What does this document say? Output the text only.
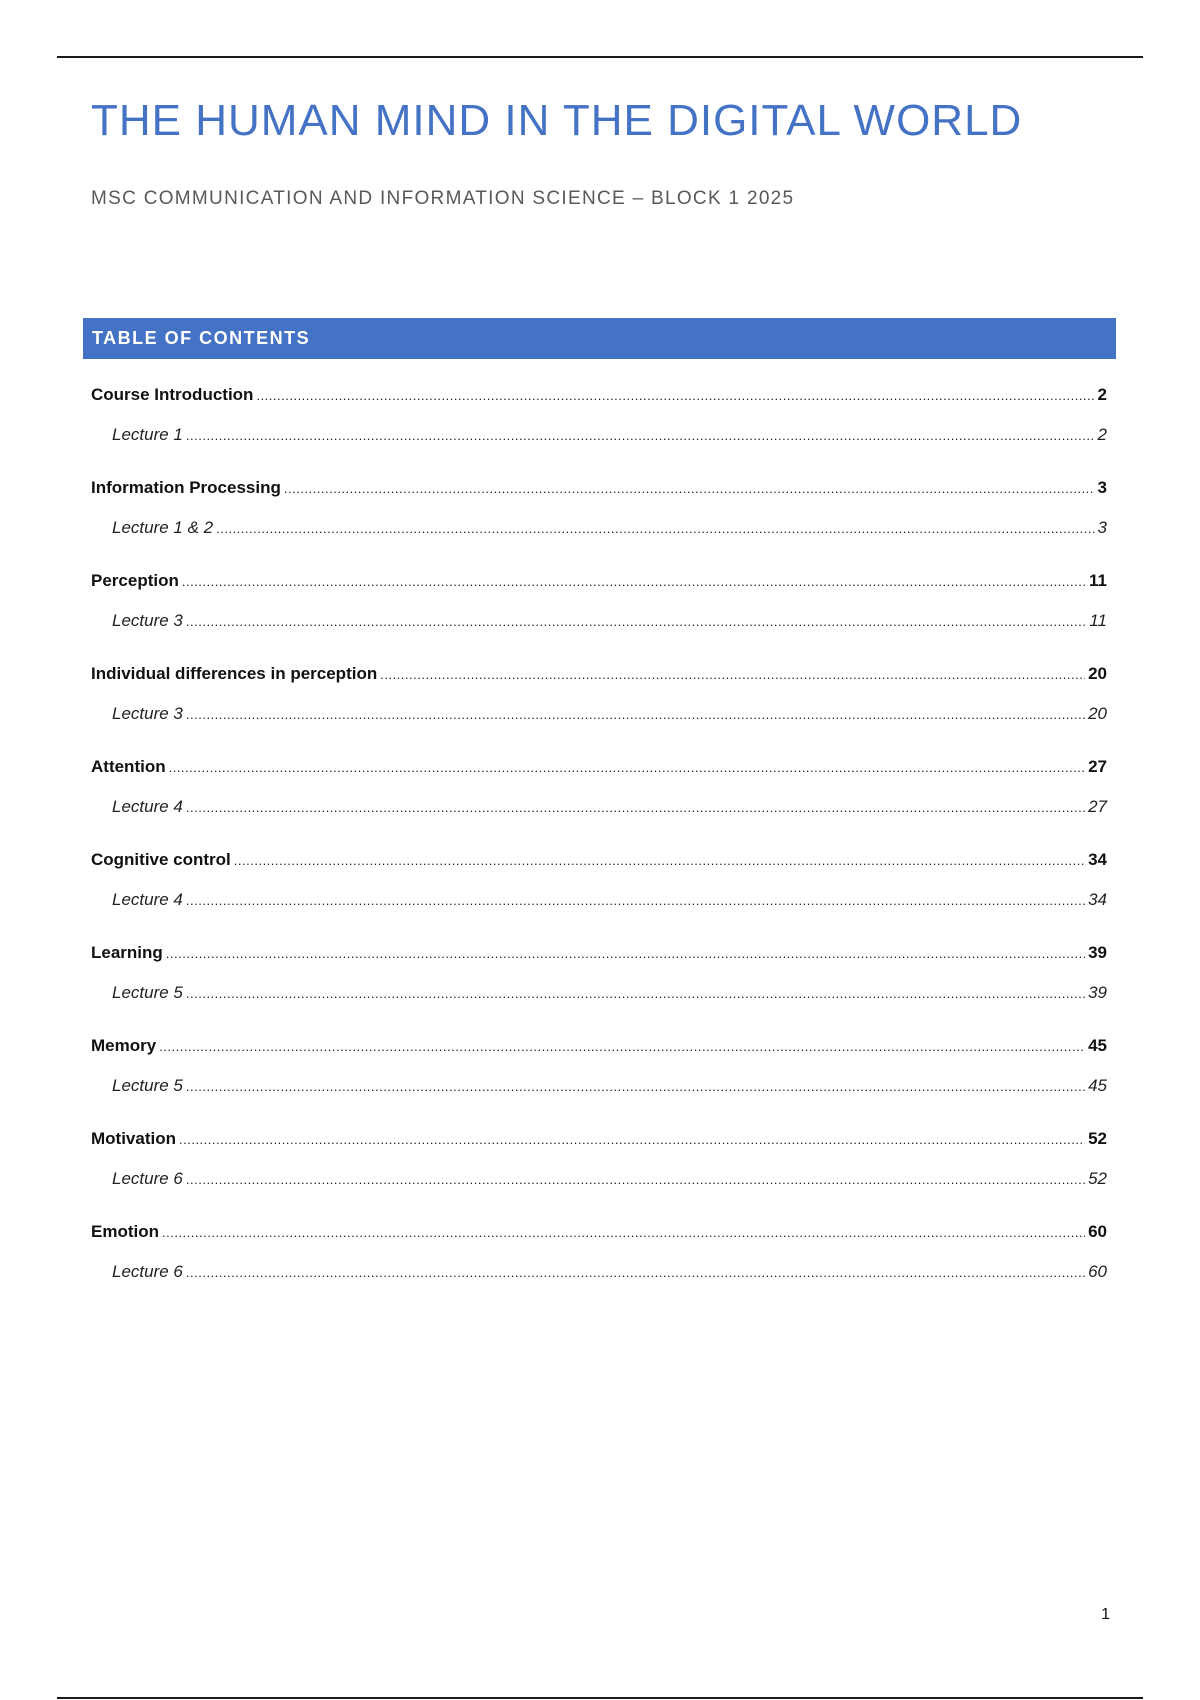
THE HUMAN MIND IN THE DIGITAL WORLD

MSC COMMUNICATION AND INFORMATION SCIENCE – BLOCK 1 2025

TABLE OF CONTENTS
Course Introduction .....	2
Lecture 1 .....	2
Information Processing .....	3
Lecture 1 & 2 .....	3
Perception .....	11
Lecture 3 .....	11
Individual differences in perception .....	20
Lecture 3 .....	20
Attention .....	27
Lecture 4 .....	27
Cognitive control .....	34
Lecture 4 .....	34
Learning .....	39
Lecture 5 .....	39
Memory .....	45
Lecture 5 .....	45
Motivation .....	52
Lecture 6 .....	52
Emotion .....	60
Lecture 6 .....	60
1
